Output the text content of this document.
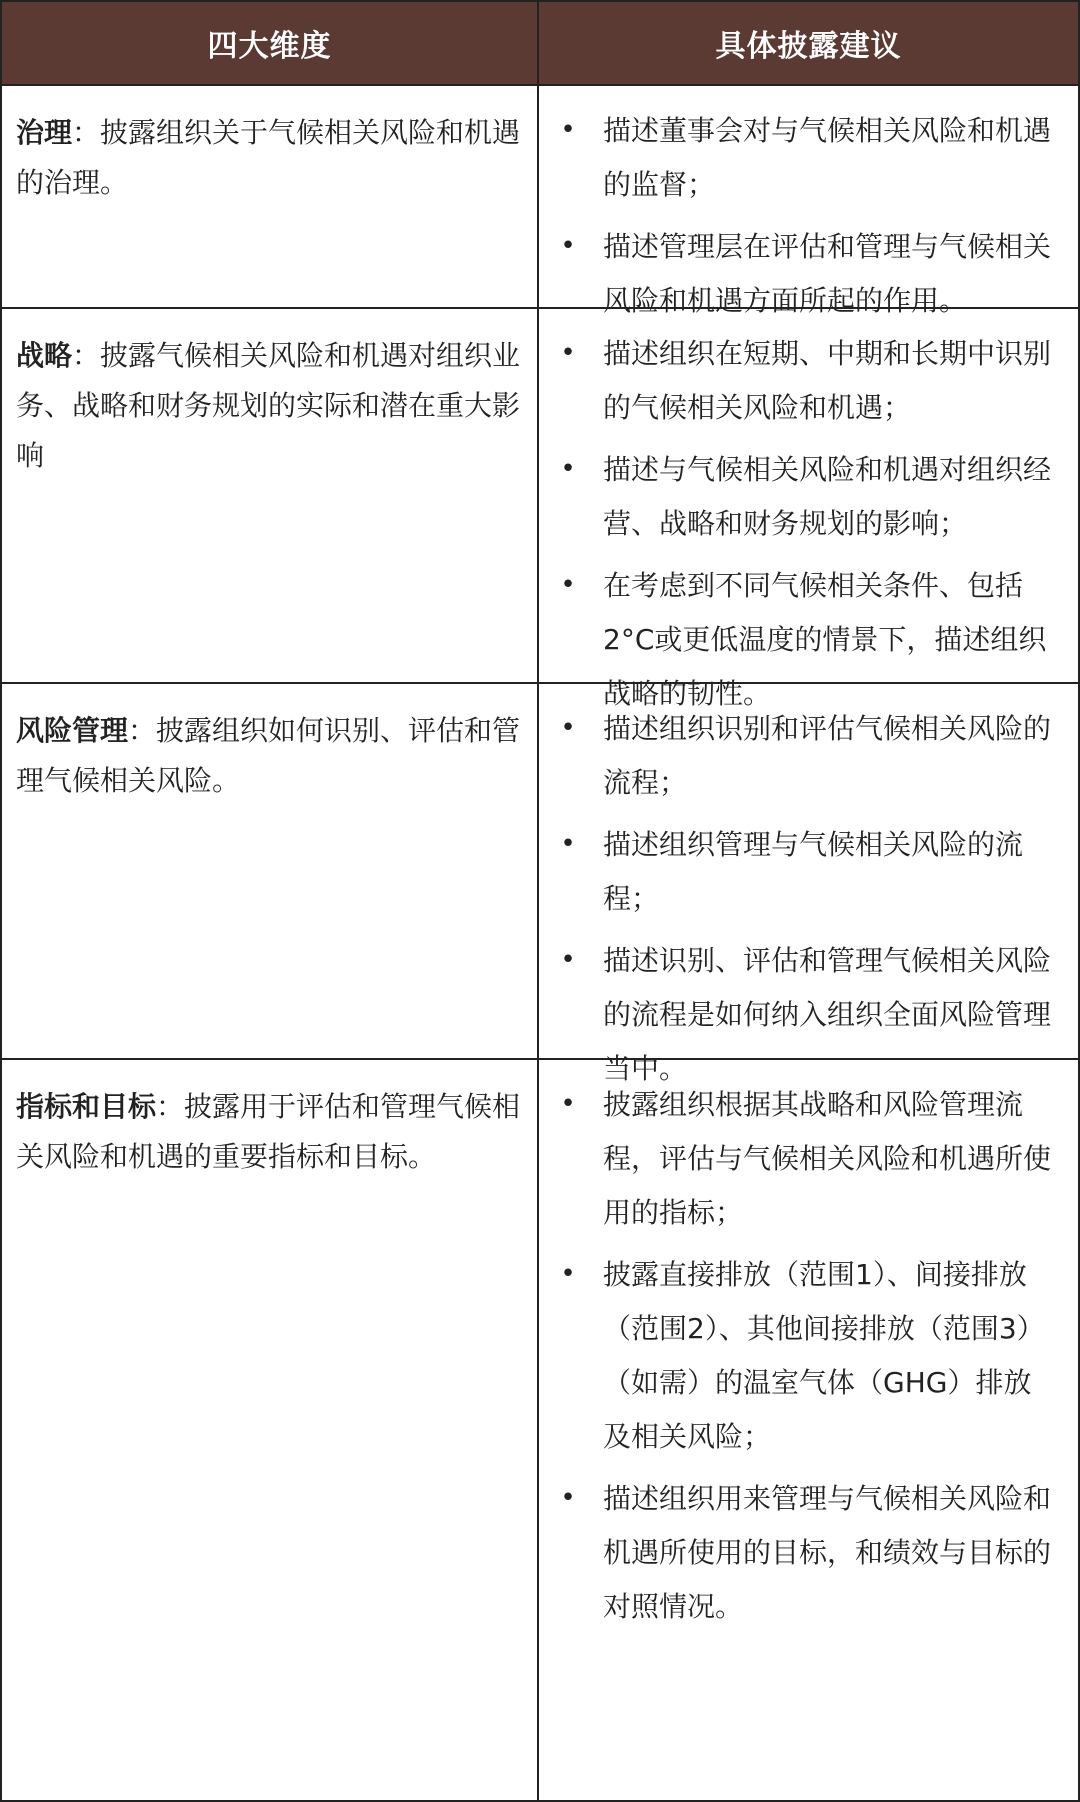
四大维度	具体披露建议
治理：披露组织关于气候相关风险和机遇的治理。
• 描述董事会对与气候相关风险和机遇的监督；
• 描述管理层在评估和管理与气候相关风险和机遇方面所起的作用。
战略：披露气候相关风险和机遇对组织业务、战略和财务规划的实际和潜在重大影响
• 描述组织在短期、中期和长期中识别的气候相关风险和机遇；
• 描述与气候相关风险和机遇对组织经营、战略和财务规划的影响；
• 在考虑到不同气候相关条件、包括2°C或更低温度的情景下，描述组织战略的韧性。
风险管理：披露组织如何识别、评估和管理气候相关风险。
• 描述组织识别和评估气候相关风险的流程；
• 描述组织管理与气候相关风险的流程；
• 描述识别、评估和管理气候相关风险的流程是如何纳入组织全面风险管理当中。
指标和目标：披露用于评估和管理气候相关风险和机遇的重要指标和目标。
• 披露组织根据其战略和风险管理流程，评估与气候相关风险和机遇所使用的指标；
• 披露直接排放（范围1）、间接排放（范围2）、其他间接排放（范围3）（如需）的温室气体（GHG）排放及相关风险；
• 描述组织用来管理与气候相关风险和机遇所使用的目标，和绩效与目标的对照情况。
